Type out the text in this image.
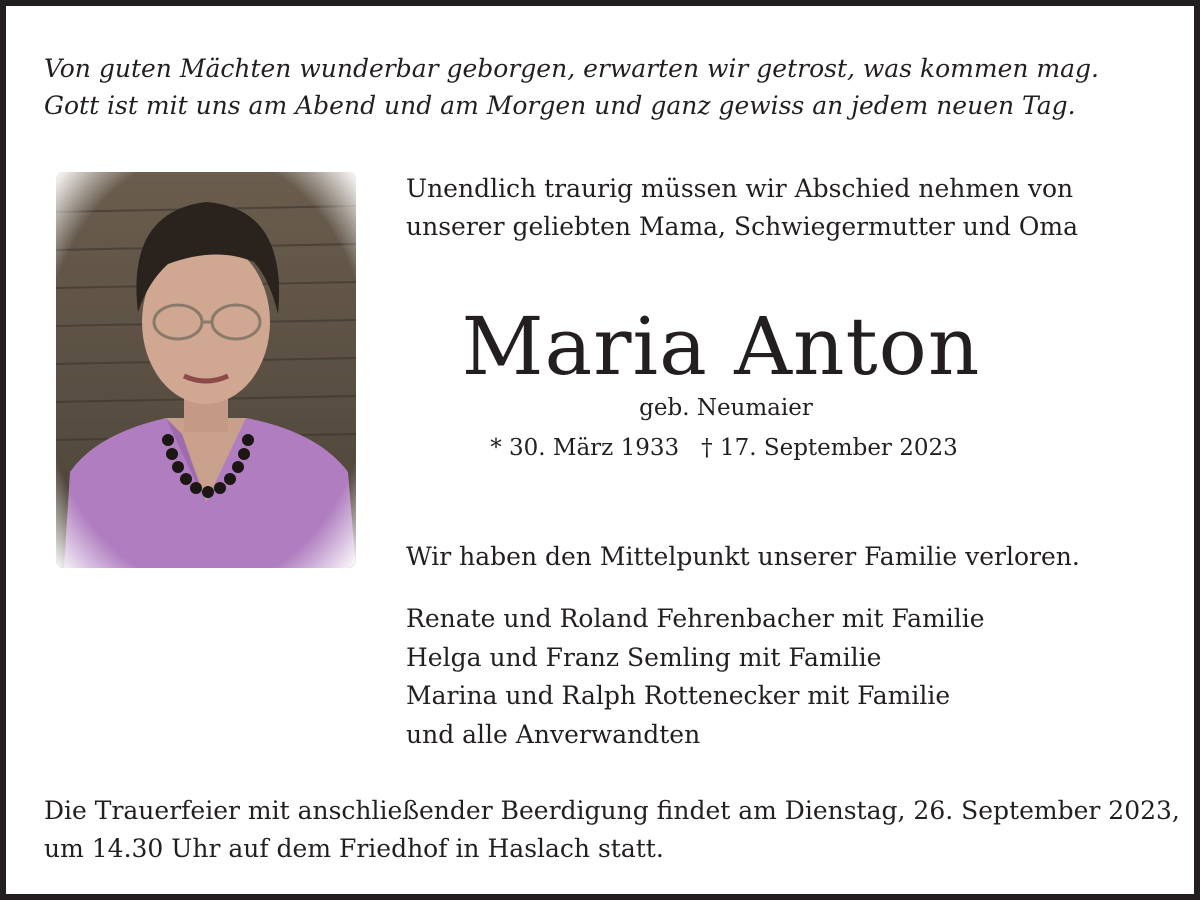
Von guten Mächten wunderbar geborgen, erwarten wir getrost, was kommen mag.
Gott ist mit uns am Abend und am Morgen und ganz gewiss an jedem neuen Tag.
Unendlich traurig müssen wir Abschied nehmen von
unserer geliebten Mama, Schwiegermutter und Oma
Maria Anton
geb. Neumaier
* 30. März 1933 † 17. September 2023
Wir haben den Mittelpunkt unserer Familie verloren.
Renate und Roland Fehrenbacher mit Familie
Helga und Franz Semling mit Familie
Marina und Ralph Rottenecker mit Familie
und alle Anverwandten
Die Trauerfeier mit anschließender Beerdigung findet am Dienstag, 26. September 2023,
um 14.30 Uhr auf dem Friedhof in Haslach statt.
